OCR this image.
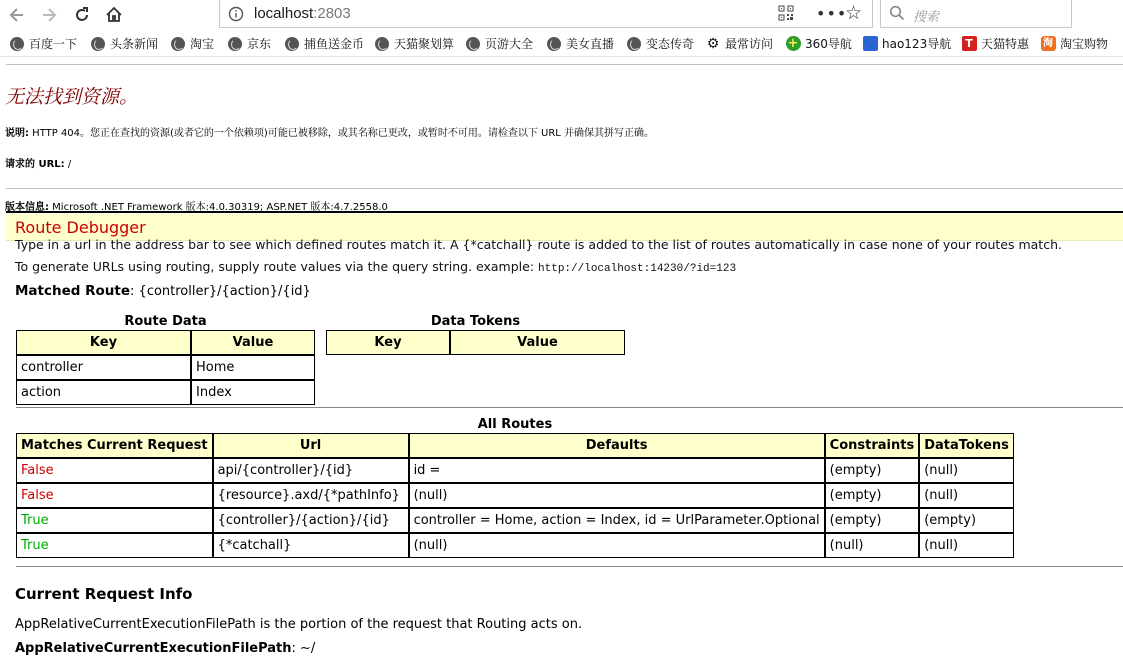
localhost:2803	•••
☆	搜索
百度一下	头条新闻	淘宝	京东	捕鱼送金币 天猫聚划算	页游大全	美女直播	变态传奇 ⚙ 最常访问 + 360导航 🐾 hao123导航	T 天猫特惠 淘 淘宝购物
无法找到资源。
说明: HTTP 404。您正在查找的资源(或者它的一个依赖项)可能已被移除，或其名称已更改，或暂时不可用。请检查以下 URL 并确保其拼写正确。
请求的 URL: /
版本信息: Microsoft .NET Framework 版本:4.0.30319; ASP.NET 版本:4.7.2558.0
Route Debugger
Type in a url in the address bar to see which defined routes match it. A {*catchall} route is added to the list of routes automatically in case none of your routes match.
To generate URLs using routing, supply route values via the query string. example: http://localhost:14230/?id=123
Matched Route: {controller}/{action}/{id}
Route Data
Key	Value
controller	Home
action	Index
Data Tokens
Key	Value
All Routes
Matches Current Request	Url	Defaults	Constraints	DataTokens
False	api/{controller}/{id}	id =	(empty)	(null)
False	{resource}.axd/{*pathInfo}	(null)	(empty)	(null)
True	{controller}/{action}/{id}	controller = Home, action = Index, id = UrlParameter.Optional	(empty)	(empty)
True	{*catchall}	(null)	(null)	(null)
Current Request Info
AppRelativeCurrentExecutionFilePath is the portion of the request that Routing acts on.
AppRelativeCurrentExecutionFilePath: ~/
